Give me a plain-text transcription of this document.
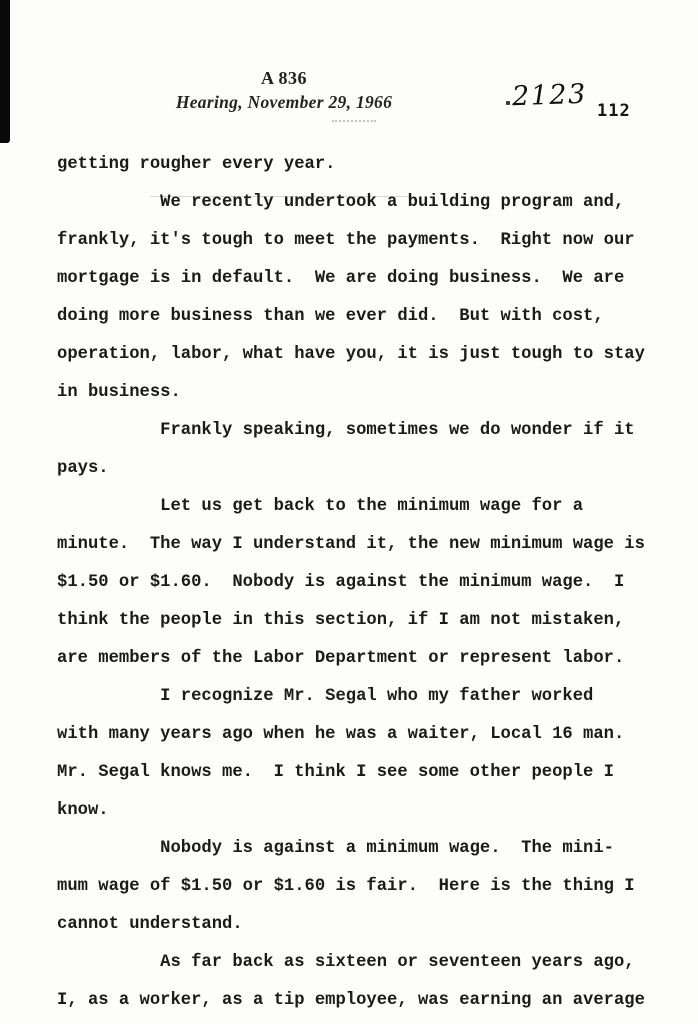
A 836
Hearing, November 29, 1966	2123 112
getting rougher every year.
We recently undertook a building program and,
frankly, it's tough to meet the payments.  Right now our
mortgage is in default.  We are doing business.  We are
doing more business than we ever did.  But with cost,
operation, labor, what have you, it is just tough to stay
in business.
Frankly speaking, sometimes we do wonder if it
pays.
Let us get back to the minimum wage for a
minute.  The way I understand it, the new minimum wage is
$1.50 or $1.60.  Nobody is against the minimum wage.  I
think the people in this section, if I am not mistaken,
are members of the Labor Department or represent labor.
I recognize Mr. Segal who my father worked
with many years ago when he was a waiter, Local 16 man.
Mr. Segal knows me.  I think I see some other people I
know.
Nobody is against a minimum wage.  The mini-
mum wage of $1.50 or $1.60 is fair.  Here is the thing I
cannot understand.
As far back as sixteen or seventeen years ago,
I, as a worker, as a tip employee, was earning an average
